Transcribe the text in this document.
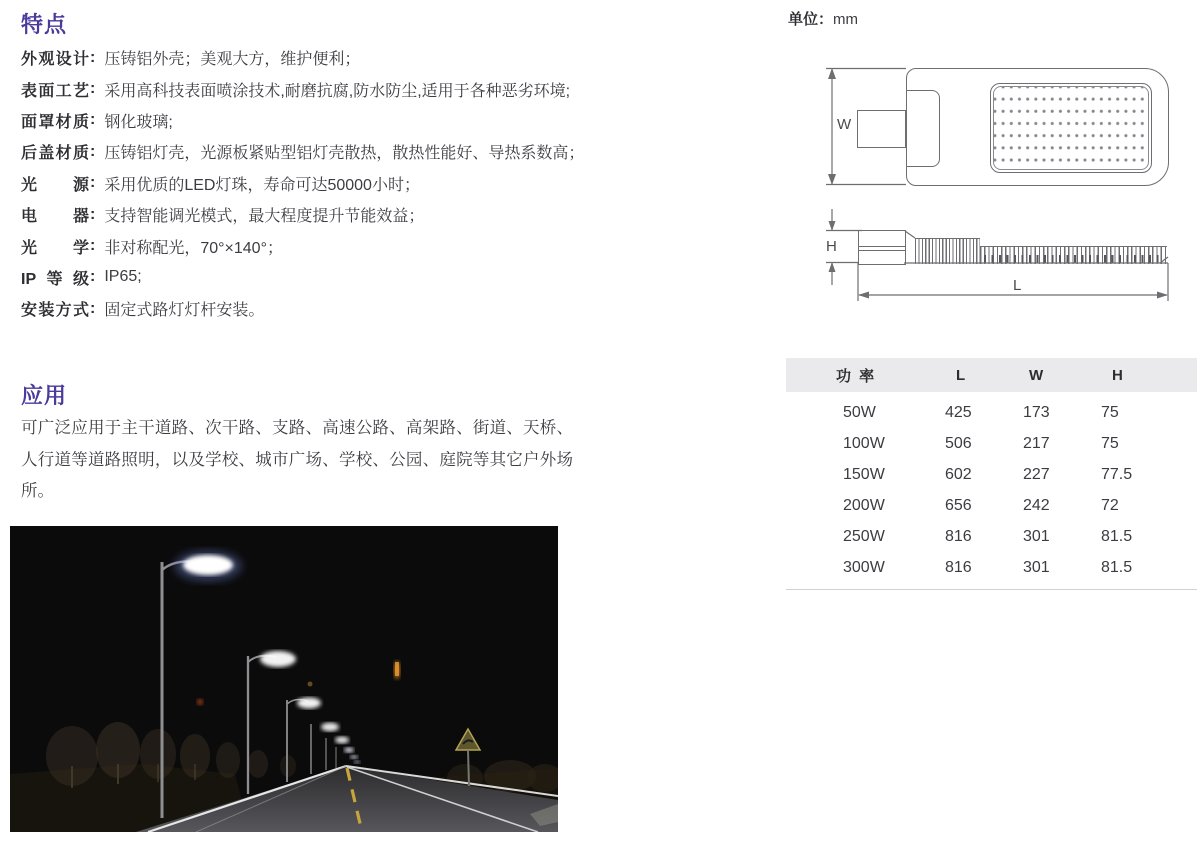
特点
外观设计 : 压铸铝外壳；美观大方，维护便利；
表面工艺 : 采用高科技表面喷涂技术,耐磨抗腐,防水防尘,适用于各种恶劣环境;
面罩材质 : 钢化玻璃;
后盖材质 : 压铸铝灯壳，光源板紧贴型铝灯壳散热，散热性能好、导热系数高；
光源 : 采用优质的LED灯珠，寿命可达50000小时；
电器 : 支持智能调光模式，最大程度提升节能效益；
光学 : 非对称配光，70°×140°；
IP等级 : IP65;
安装方式 : 固定式路灯灯杆安装。
应用

可广泛应用于主干道路、次干路、支路、高速公路、高架路、街道、天桥、人行道等道路照明，以及学校、城市广场、学校、公园、庭院等其它户外场所。

单位：mm
W
H
L
功 率	L	W	H
50W	425	173	75
100W	506	217	75
150W	602	227	77.5
200W	656	242	72
250W	816	301	81.5
300W	816	301	81.5
